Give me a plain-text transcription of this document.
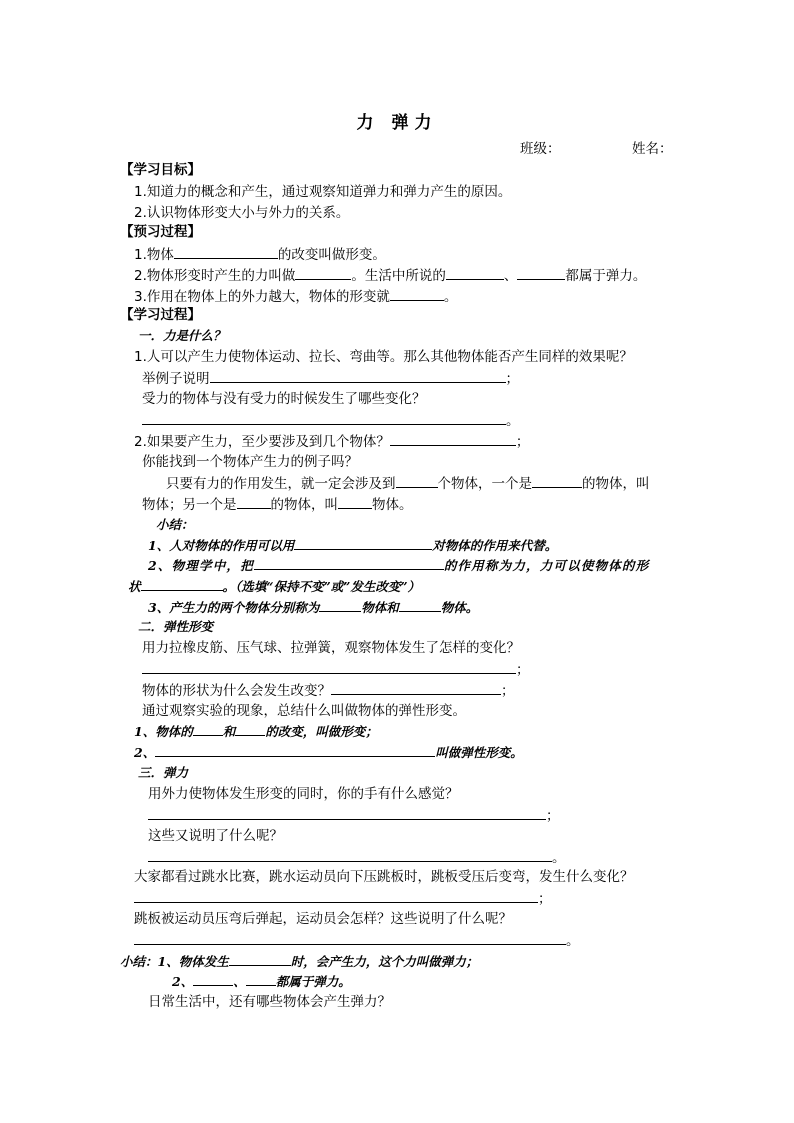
力 弹力
班级：	姓名：
【学习目标】
1.知道力的概念和产生，通过观察知道弹力和弹力产生的原因。
2.认识物体形变大小与外力的关系。
【预习过程】
1.物体	的改变叫做形变。
2.物体形变时产生的力叫做	。生活中所说的	、	都属于弹力。
3.作用在物体上的外力越大，物体的形变就	。
【学习过程】
一．力是什么？
1.人可以产生力使物体运动、拉长、弯曲等。那么其他物体能否产生同样的效果呢？
举例子说明	；
受力的物体与没有受力的时候发生了哪些变化？
。
2.如果要产生力，至少要涉及到几个物体？	；
你能找到一个物体产生力的例子吗？
只要有力的作用发生，就一定会涉及到	个物体，一个是	的物体，叫
物体；另一个是	的物体，叫	物体。
小结：
1、人对物体的作用可以用	对物体的作用来代替。
2、物理学中，把	的作用称为力，力可以使物体的形
状	。（选填“保持不变”或”发生改变”）
3、产生力的两个物体分别称为	物体和	物体。
二．弹性形变
用力拉橡皮筋、压气球、拉弹簧，观察物体发生了怎样的变化？
；
物体的形状为什么会发生改变？	；
通过观察实验的现象，总结什么叫做物体的弹性形变。
1、物体的 和 的改变，叫做形变；
2、	叫做弹性形变。
三．弹力
用外力使物体发生形变的同时，你的手有什么感觉？
；
这些又说明了什么呢？
。
大家都看过跳水比赛，跳水运动员向下压跳板时，跳板受压后变弯，发生什么变化？
；
跳板被运动员压弯后弹起，运动员会怎样？这些说明了什么呢？
。
小结：1、物体发生	时，会产生力，这个力叫做弹力；
2、	、 都属于弹力。
日常生活中，还有哪些物体会产生弹力？
